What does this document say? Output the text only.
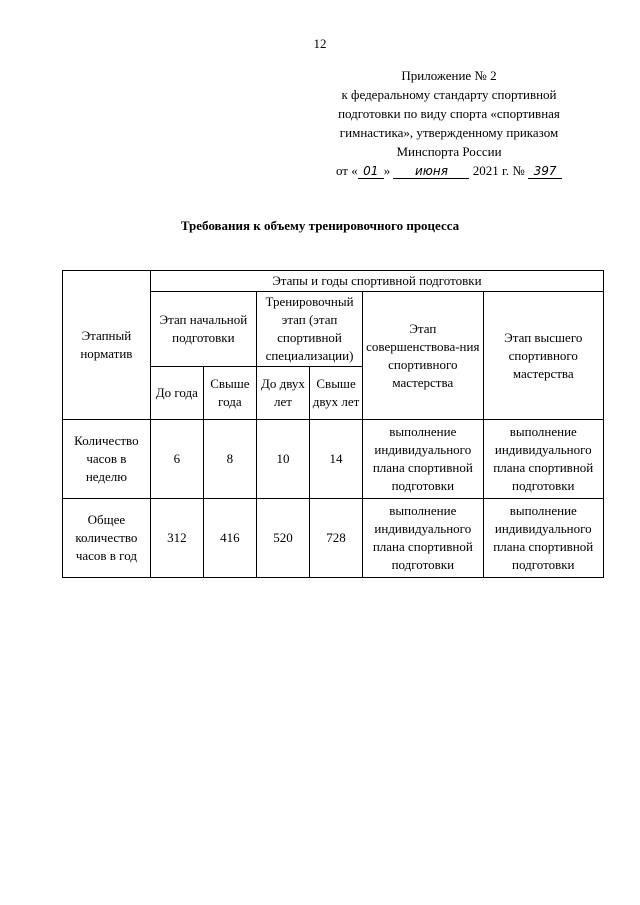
12
Приложение № 2
к федеральному стандарту спортивной
подготовки по виду спорта «спортивная
гимнастика», утвержденному приказом
Минспорта России
от « 01 » июня 2021 г. № 397
Требования к объему тренировочного процесса
Этапный норматив	Этапы и годы спортивной подготовки					
	Этап начальной подготовки		Тренировочный этап (этап спортивной специализации)		Этап совершенствова-ния спортивного мастерства	Этап высшего спортивного мастерства
	До года	Свыше года	До двух лет	Свыше двух лет		
Количество часов в неделю	6	8	10	14	выполнение индивидуального плана спортивной подготовки	выполнение индивидуального плана спортивной подготовки
Общее количество часов в год	312	416	520	728	выполнение индивидуального плана спортивной подготовки	выполнение индивидуального плана спортивной подготовки
